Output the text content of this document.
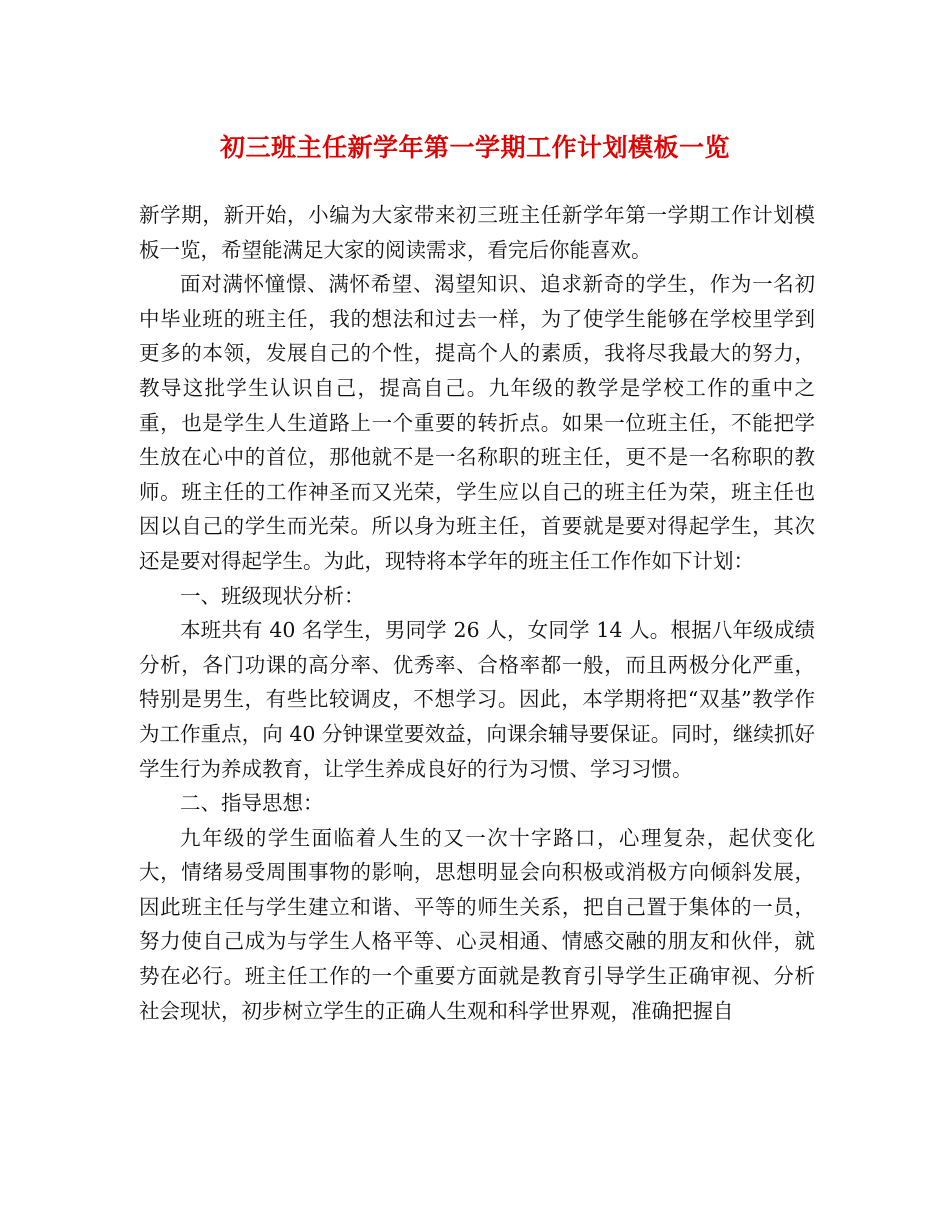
初三班主任新学年第一学期工作计划模板一览

新学期，新开始，小编为大家带来初三班主任新学年第一学期工作计划模板一览，希望能满足大家的阅读需求，看完后你能喜欢。

面对满怀憧憬、满怀希望、渴望知识、追求新奇的学生，作为一名初中毕业班的班主任，我的想法和过去一样，为了使学生能够在学校里学到更多的本领，发展自己的个性，提高个人的素质，我将尽我最大的努力，教导这批学生认识自己，提高自己。九年级的教学是学校工作的重中之重，也是学生人生道路上一个重要的转折点。如果一位班主任，不能把学生放在心中的首位，那他就不是一名称职的班主任，更不是一名称职的教师。班主任的工作神圣而又光荣，学生应以自己的班主任为荣，班主任也因以自己的学生而光荣。所以身为班主任，首要就是要对得起学生，其次还是要对得起学生。为此，现特将本学年的班主任工作作如下计划：

一、班级现状分析：

本班共有 40 名学生，男同学 26 人，女同学 14 人。根据八年级成绩分析，各门功课的高分率、优秀率、合格率都一般，而且两极分化严重，特别是男生，有些比较调皮，不想学习。因此，本学期将把“双基”教学作为工作重点，向 40 分钟课堂要效益，向课余辅导要保证。同时，继续抓好学生行为养成教育，让学生养成良好的行为习惯、学习习惯。

二、指导思想：

九年级的学生面临着人生的又一次十字路口，心理复杂，起伏变化大，情绪易受周围事物的影响，思想明显会向积极或消极方向倾斜发展，因此班主任与学生建立和谐、平等的师生关系，把自己置于集体的一员，努力使自己成为与学生人格平等、心灵相通、情感交融的朋友和伙伴，就势在必行。班主任工作的一个重要方面就是教育引导学生正确审视、分析社会现状，初步树立学生的正确人生观和科学世界观，准确把握自
